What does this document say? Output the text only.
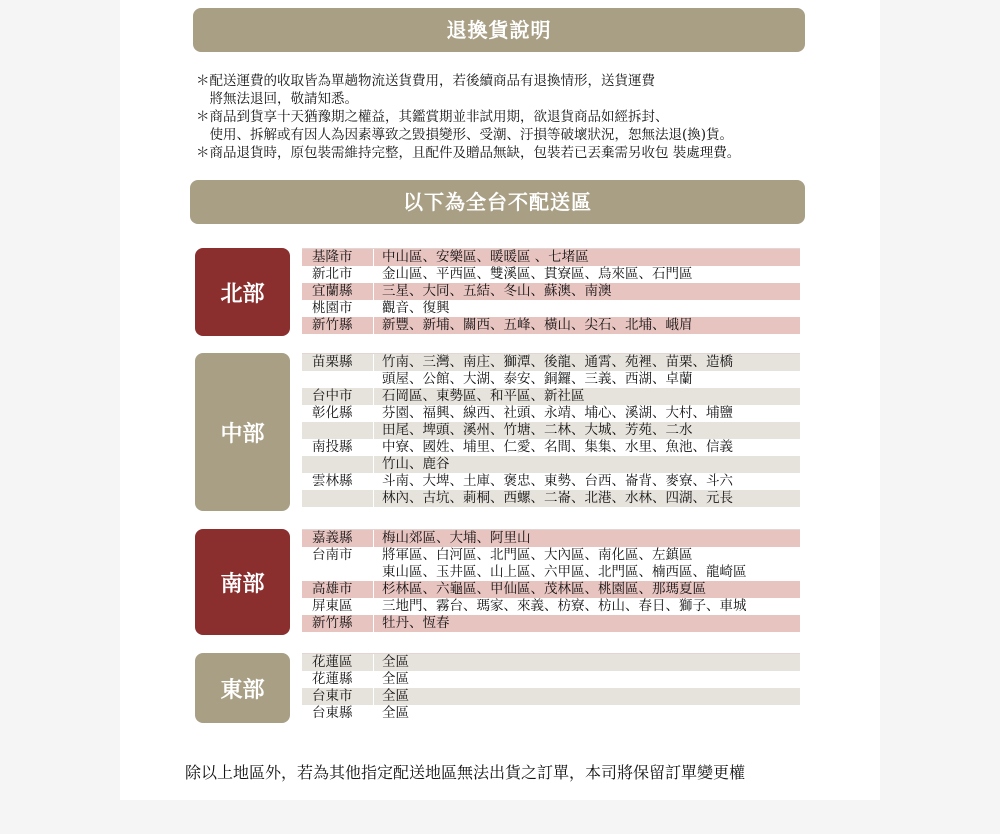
退換貨說明
＊配送運費的收取皆為單趟物流送貨費用，若後續商品有退換情形，送貨運費
　將無法退回，敬請知悉。
＊商品到貨享十天猶豫期之權益，其鑑賞期並非試用期，欲退貨商品如經拆封、
　使用、拆解或有因人為因素導致之毀損變形、受潮、汙損等破壞狀況，恕無法退(換)貨。
＊商品退貨時，原包裝需維持完整，且配件及贈品無缺，包裝若已丟棄需另收包 裝處理費。
以下為全台不配送區
北部
基隆市	中山區、安樂區、暖暖區 、七堵區
新北市	金山區、平西區、雙溪區、貫寮區、烏來區、石門區
宜蘭縣	三星、大同、五結、冬山、蘇澳、南澳
桃園市	觀音、復興
新竹縣	新豐、新埔、關西、五峰、橫山、尖石、北埔、峨眉
中部
苗栗縣	竹南、三灣、南庄、獅潭、後龍、通霄、苑裡、苗栗、造橋
頭屋、公館、大湖、泰安、銅鑼、三義、西湖、卓蘭
台中市	石岡區、東勢區、和平區、新社區
彰化縣	芬園、福興、線西、社頭、永靖、埔心、溪湖、大村、埔鹽
田尾、埤頭、溪州、竹塘、二林、大城、芳苑、二水
南投縣	中寮、國姓、埔里、仁愛、名間、集集、水里、魚池、信義
竹山、鹿谷
雲林縣	斗南、大埤、土庫、褒忠、東勢、台西、崙背、麥寮、斗六
林內、古坑、莿桐、西螺、二崙、北港、水林、四湖、元長
南部
嘉義縣	梅山郊區、大埔、阿里山
台南市	將軍區、白河區、北門區、大內區、南化區、左鎮區
東山區、玉井區、山上區、六甲區、北門區、楠西區、龍崎區
高雄市	杉林區、六龜區、甲仙區、茂林區、桃園區、那瑪夏區
屏東區	三地門、霧台、瑪家、來義、枋寮、枋山、春日、獅子、車城
新竹縣	牡丹、恆春
東部
花蓮區	全區
花蓮縣	全區
台東市	全區
台東縣	全區
除以上地區外，若為其他指定配送地區無法出貨之訂單，本司將保留訂單變更權
